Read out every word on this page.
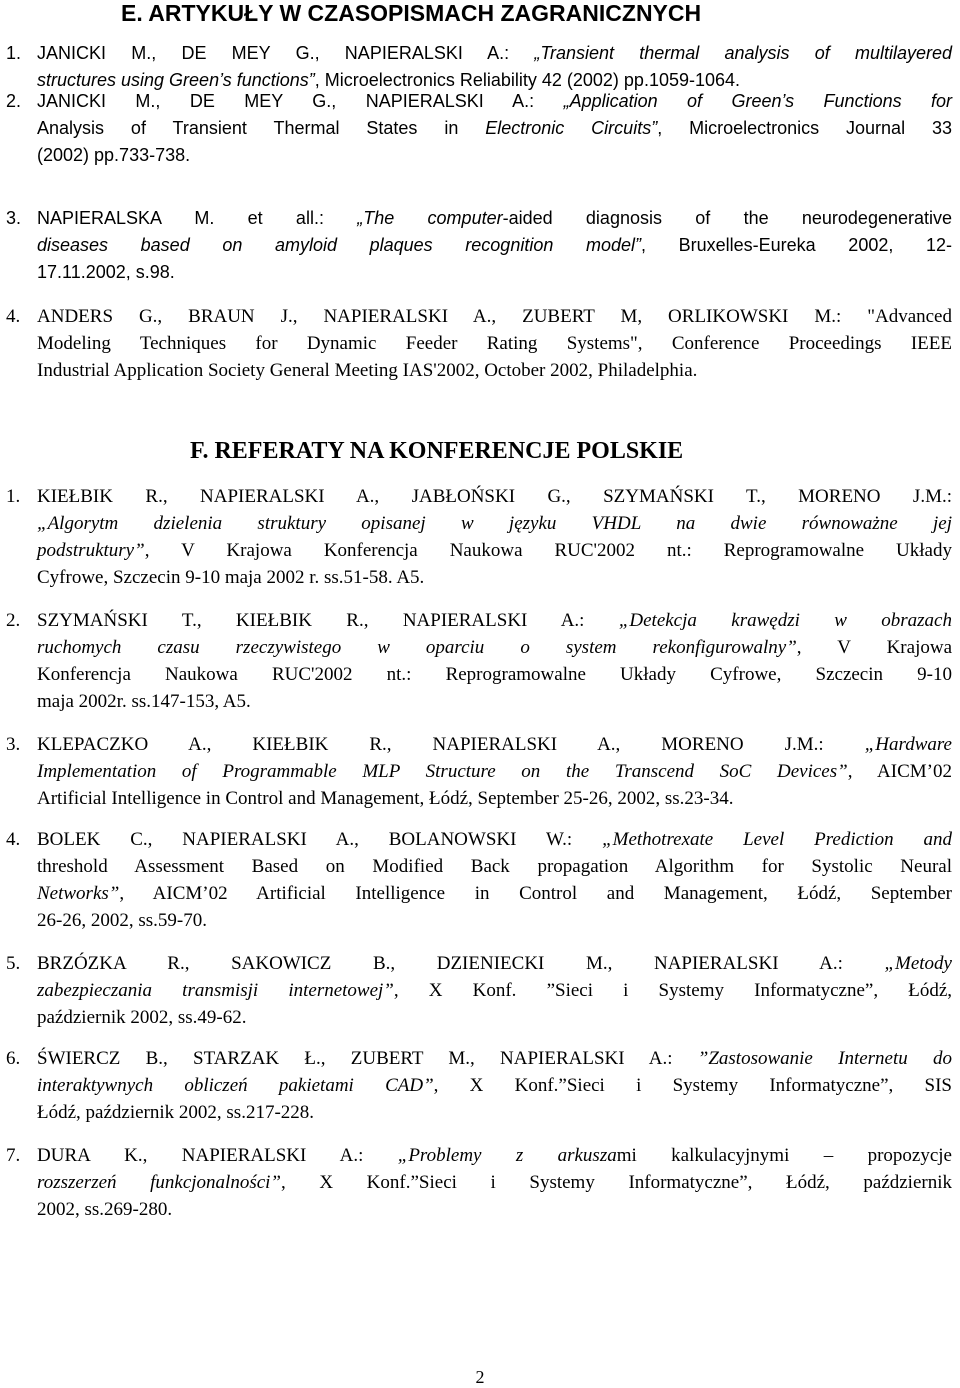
E. ARTYKUŁY W CZASOPISMACH ZAGRANICZNYCH
1. JANICKI M., DE MEY G., NAPIERALSKI A.: „Transient thermal analysis of multilayered
structures using Green’s functions”, Microelectronics Reliability 42 (2002) pp.1059-1064.
2. JANICKI M., DE MEY G., NAPIERALSKI A.: „Application of Green’s Functions for
Analysis of Transient Thermal States in Electronic Circuits”, Microelectronics Journal 33
(2002) pp.733-738.
3. NAPIERALSKA M. et all.: „The computer-aided diagnosis of the neurodegenerative
diseases based on amyloid plaques recognition model”, Bruxelles-Eureka 2002, 12-
17.11.2002, s.98.
4. ANDERS G., BRAUN J., NAPIERALSKI A., ZUBERT M, ORLIKOWSKI M.: "Advanced
Modeling Techniques for Dynamic Feeder Rating Systems", Conference Proceedings IEEE
Industrial Application Society General Meeting IAS'2002, October 2002, Philadelphia.
F. REFERATY NA KONFERENCJE POLSKIE
1. KIEŁBIK R., NAPIERALSKI A., JABŁOŃSKI G., SZYMAŃSKI T., MORENO J.M.:
„Algorytm dzielenia struktury opisanej w języku VHDL na dwie równoważne jej
podstruktury”, V Krajowa Konferencja Naukowa RUC'2002 nt.: Reprogramowalne Układy
Cyfrowe, Szczecin 9-10 maja 2002 r. ss.51-58. A5.
2. SZYMAŃSKI T., KIEŁBIK R., NAPIERALSKI A.: „Detekcja krawędzi w obrazach
ruchomych czasu rzeczywistego w oparciu o system rekonfigurowalny”, V Krajowa
Konferencja Naukowa RUC'2002 nt.: Reprogramowalne Układy Cyfrowe, Szczecin 9-10
maja 2002r. ss.147-153, A5.
3. KLEPACZKO A., KIEŁBIK R., NAPIERALSKI A., MORENO J.M.: „Hardware
Implementation of Programmable MLP Structure on the Transcend SoC Devices”, AICM’02
Artificial Intelligence in Control and Management, Łódź, September 25-26, 2002, ss.23-34.
4. BOLEK C., NAPIERALSKI A., BOLANOWSKI W.: „Methotrexate Level Prediction and
threshold Assessment Based on Modified Back propagation Algorithm for Systolic Neural
Networks”, AICM’02 Artificial Intelligence in Control and Management, Łódź, September
26-26, 2002, ss.59-70.
5. BRZÓZKA R., SAKOWICZ B., DZIENIECKI M., NAPIERALSKI A.: „Metody
zabezpieczania transmisji internetowej”, X Konf. ”Sieci i Systemy Informatyczne”, Łódź,
październik 2002, ss.49-62.
6. ŚWIERCZ B., STARZAK Ł., ZUBERT M., NAPIERALSKI A.: ”Zastosowanie Internetu do
interaktywnych obliczeń pakietami CAD”, X Konf.”Sieci i Systemy Informatyczne”, SIS
Łódź, październik 2002, ss.217-228.
7. DURA K., NAPIERALSKI A.: „Problemy z arkuszami kalkulacyjnymi – propozycje
rozszerzeń funkcjonalności”, X Konf.”Sieci i Systemy Informatyczne”, Łódź, październik
2002, ss.269-280.
2
